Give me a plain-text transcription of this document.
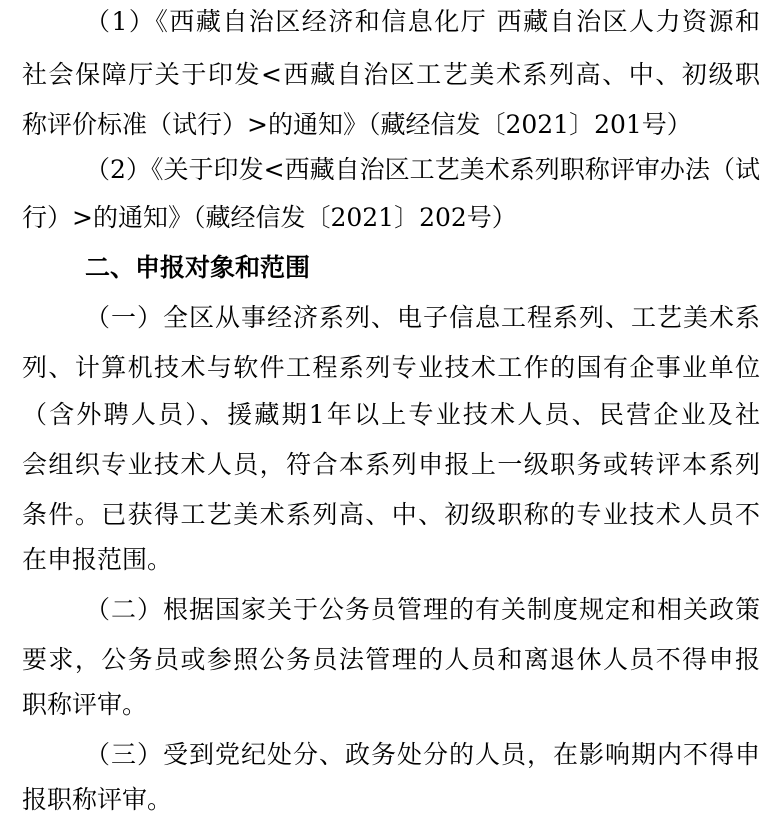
（1）《西藏自治区经济和信息化厅 西藏自治区人力资源和
社会保障厅关于印发<西藏自治区工艺美术系列高、中、初级职
称评价标准（试行）>的通知》（藏经信发〔2021〕201号）
（2）《关于印发<西藏自治区工艺美术系列职称评审办法（试
行）>的通知》（藏经信发〔2021〕202号）
二、申报对象和范围
（一）全区从事经济系列、电子信息工程系列、工艺美术系
列、计算机技术与软件工程系列专业技术工作的国有企事业单位
（含外聘人员）、援藏期1年以上专业技术人员、民营企业及社
会组织专业技术人员，符合本系列申报上一级职务或转评本系列
条件。已获得工艺美术系列高、中、初级职称的专业技术人员不
在申报范围。
（二）根据国家关于公务员管理的有关制度规定和相关政策
要求，公务员或参照公务员法管理的人员和离退休人员不得申报
职称评审。
（三）受到党纪处分、政务处分的人员，在影响期内不得申
报职称评审。
